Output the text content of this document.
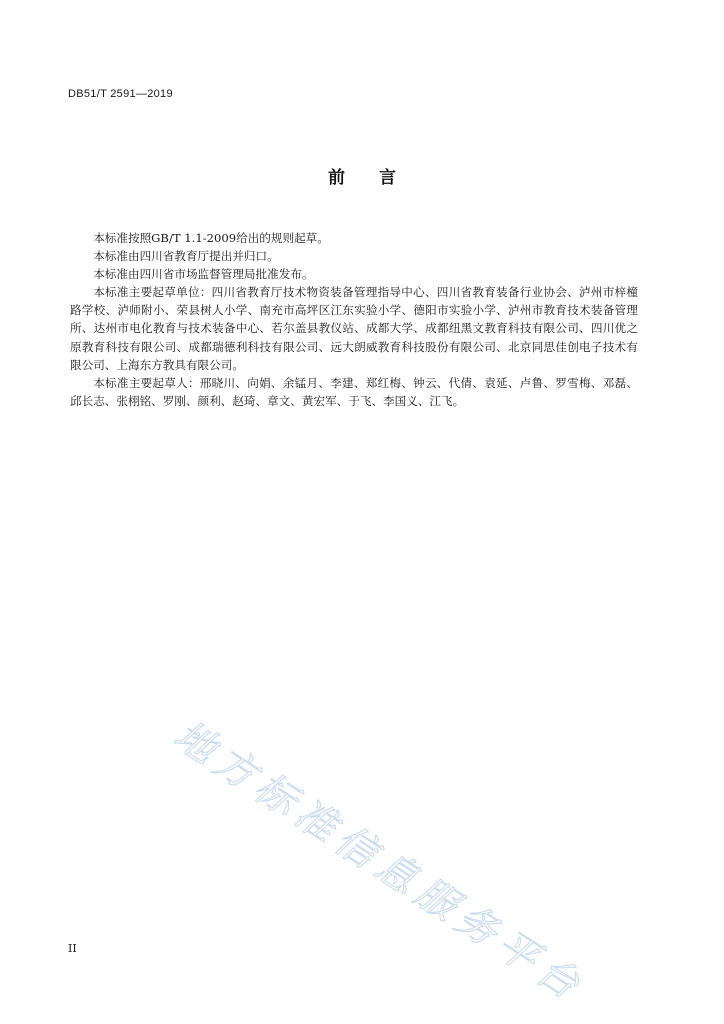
DB51/T 2591—2019
前 言

本标准按照GB/T 1.1-2009给出的规则起草。

本标准由四川省教育厅提出并归口。

本标准由四川省市场监督管理局批准发布。

本标准主要起草单位：四川省教育厅技术物资装备管理指导中心、四川省教育装备行业协会、泸州市梓橦路学校、泸师附小、荣县树人小学、南充市高坪区江东实验小学、德阳市实验小学、泸州市教育技术装备管理所、达州市电化教育与技术装备中心、若尔盖县教仪站、成都大学、成都纽黑文教育科技有限公司、四川优之原教育科技有限公司、成都瑞德利科技有限公司、远大朗威教育科技股份有限公司、北京同思佳创电子技术有限公司、上海东方教具有限公司。

本标准主要起草人：邢晓川、向娟、余锰月、李建、郑红梅、钟云、代倩、袁延、卢鲁、罗雪梅、邓磊、邱长志、张栩铭、罗刚、颜利、赵琦、章文、黄宏军、于飞、李国义、江飞。

地方标准信息服务平台
II
